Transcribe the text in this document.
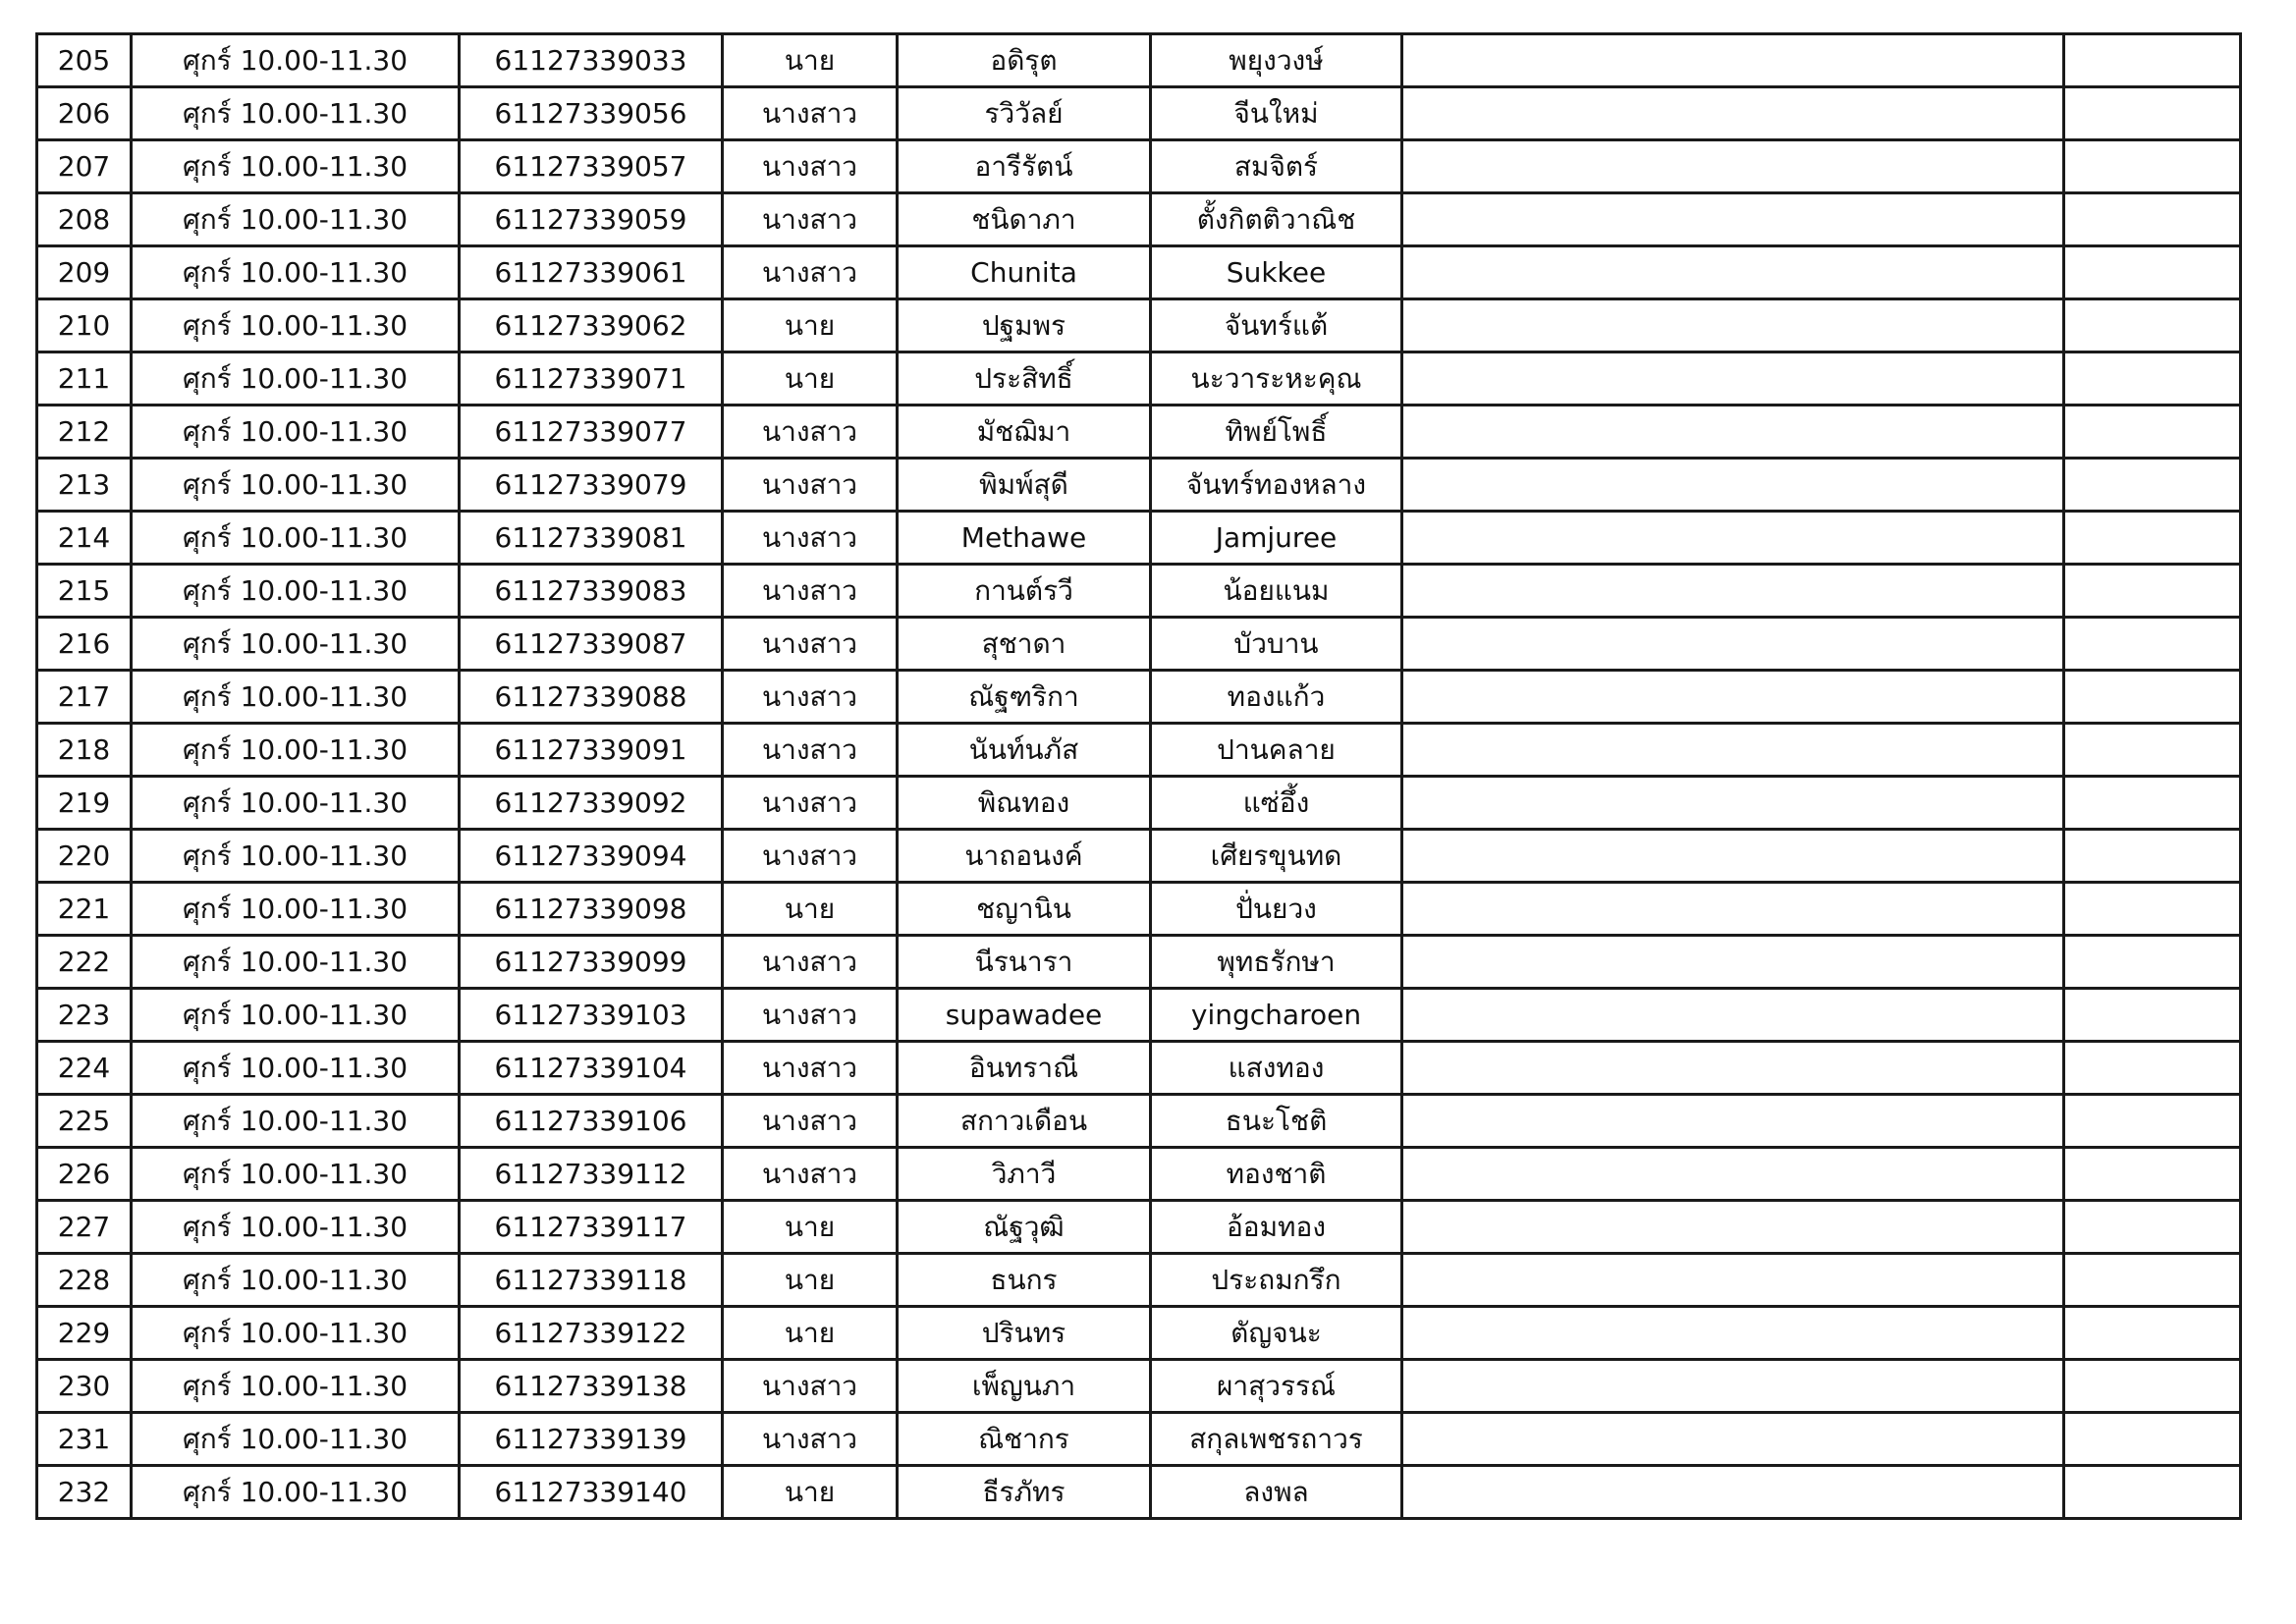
205	ศุกร์ 10.00-11.30	61127339033	นาย	อดิรุต	พยุงวงษ์		
206	ศุกร์ 10.00-11.30	61127339056	นางสาว	รวิวัลย์	จีนใหม่		
207	ศุกร์ 10.00-11.30	61127339057	นางสาว	อารีรัตน์	สมจิตร์		
208	ศุกร์ 10.00-11.30	61127339059	นางสาว	ชนิดาภา	ตั้งกิตติวาณิช		
209	ศุกร์ 10.00-11.30	61127339061	นางสาว	Chunita	Sukkee		
210	ศุกร์ 10.00-11.30	61127339062	นาย	ปฐมพร	จันทร์แต้		
211	ศุกร์ 10.00-11.30	61127339071	นาย	ประสิทธิ์	นะวาระหะคุณ		
212	ศุกร์ 10.00-11.30	61127339077	นางสาว	มัชฌิมา	ทิพย์โพธิ์		
213	ศุกร์ 10.00-11.30	61127339079	นางสาว	พิมพ์สุดี	จันทร์ทองหลาง		
214	ศุกร์ 10.00-11.30	61127339081	นางสาว	Methawe	Jamjuree		
215	ศุกร์ 10.00-11.30	61127339083	นางสาว	กานต์รวี	น้อยแนม		
216	ศุกร์ 10.00-11.30	61127339087	นางสาว	สุชาดา	บัวบาน		
217	ศุกร์ 10.00-11.30	61127339088	นางสาว	ณัฐฑริกา	ทองแก้ว		
218	ศุกร์ 10.00-11.30	61127339091	นางสาว	นันท์นภัส	ปานคลาย		
219	ศุกร์ 10.00-11.30	61127339092	นางสาว	พิณทอง	แซ่อึ้ง		
220	ศุกร์ 10.00-11.30	61127339094	นางสาว	นาถอนงค์	เศียรขุนทด		
221	ศุกร์ 10.00-11.30	61127339098	นาย	ชญานิน	ปั่นยวง		
222	ศุกร์ 10.00-11.30	61127339099	นางสาว	นีรนารา	พุทธรักษา		
223	ศุกร์ 10.00-11.30	61127339103	นางสาว	supawadee	yingcharoen		
224	ศุกร์ 10.00-11.30	61127339104	นางสาว	อินทราณี	แสงทอง		
225	ศุกร์ 10.00-11.30	61127339106	นางสาว	สกาวเดือน	ธนะโชติ		
226	ศุกร์ 10.00-11.30	61127339112	นางสาว	วิภาวี	ทองชาติ		
227	ศุกร์ 10.00-11.30	61127339117	นาย	ณัฐวุฒิ	อ้อมทอง		
228	ศุกร์ 10.00-11.30	61127339118	นาย	ธนกร	ประถมกรึก		
229	ศุกร์ 10.00-11.30	61127339122	นาย	ปรินทร	ตัญจนะ		
230	ศุกร์ 10.00-11.30	61127339138	นางสาว	เพ็ญนภา	ผาสุวรรณ์		
231	ศุกร์ 10.00-11.30	61127339139	นางสาว	ณิชากร	สกุลเพชรถาวร		
232	ศุกร์ 10.00-11.30	61127339140	นาย	ธีรภัทร	ลงพล		
